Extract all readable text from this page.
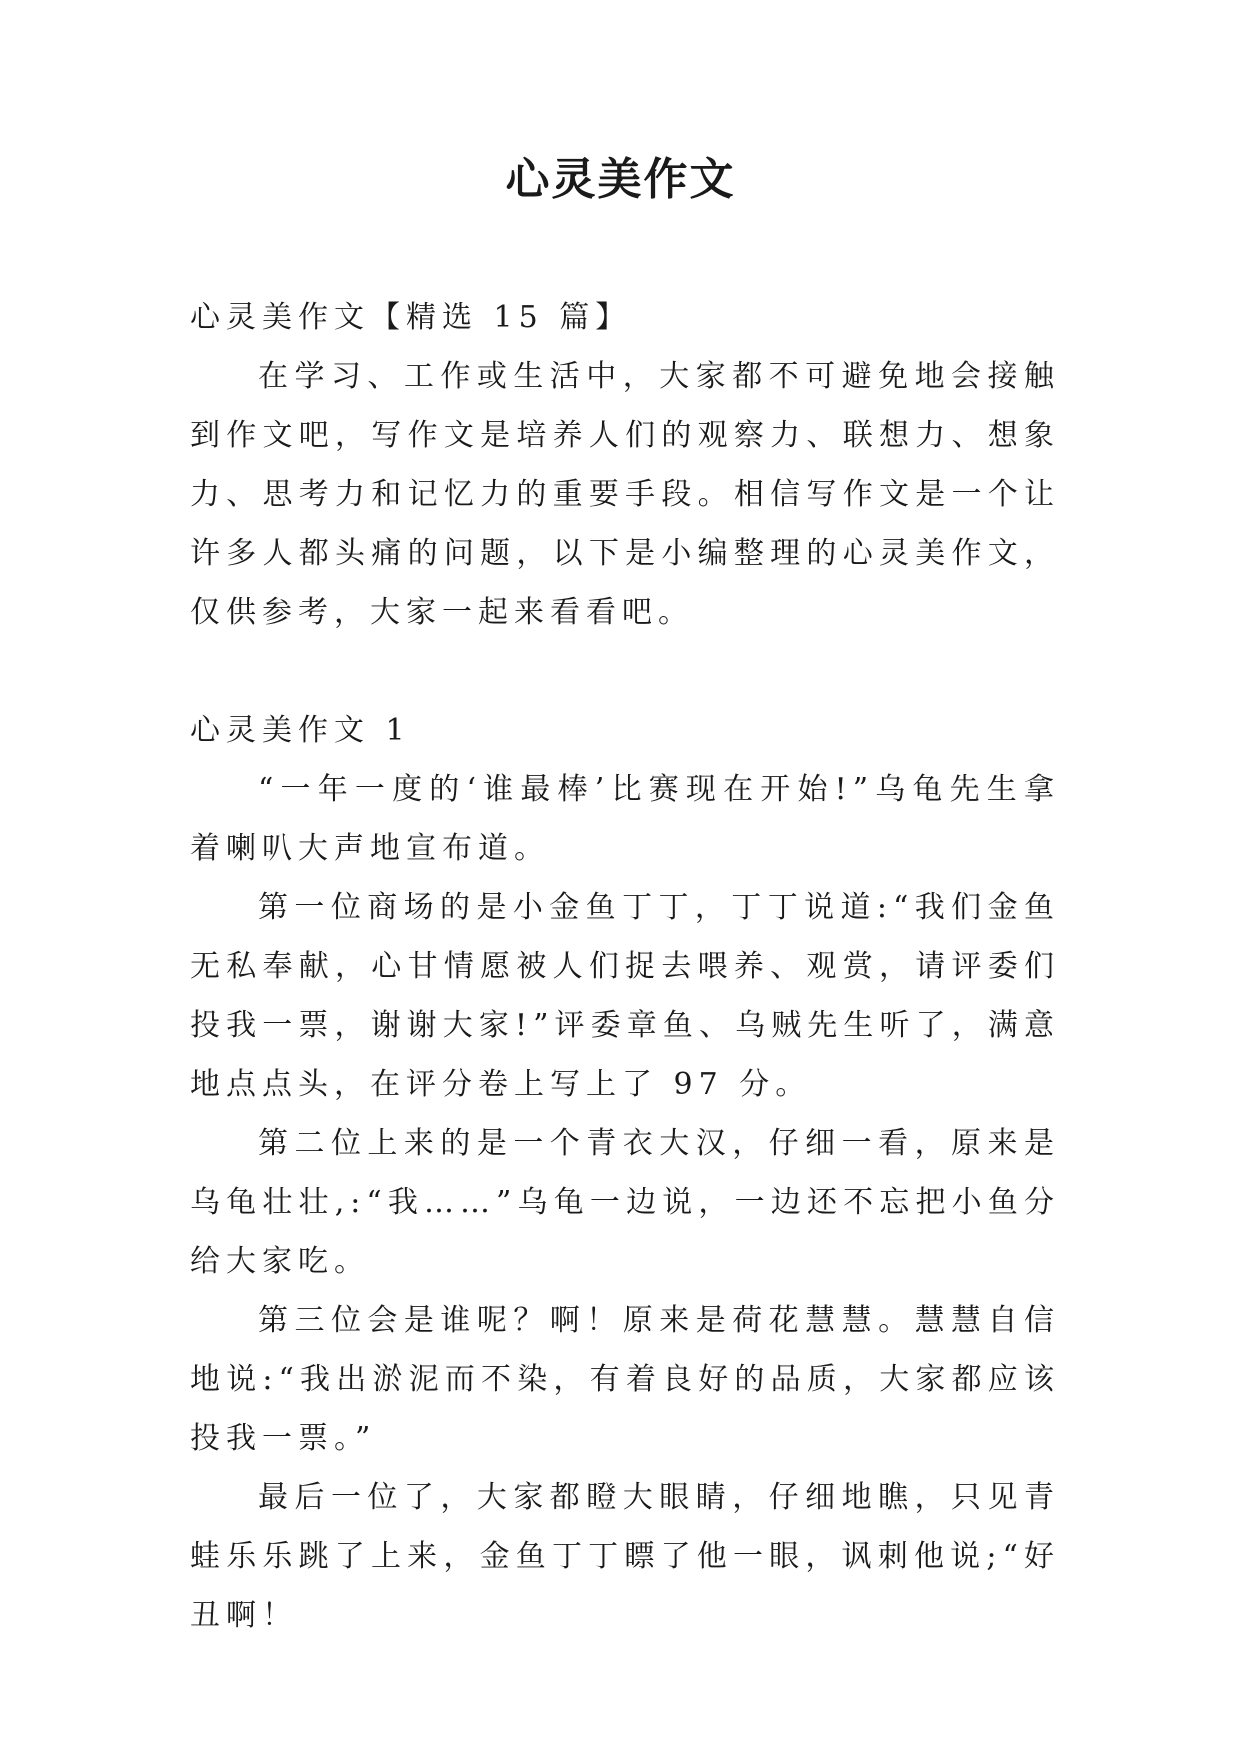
心灵美作文

心灵美作文【精选 15 篇】

在学习、工作或生活中，大家都不可避免地会接触到作文吧，写作文是培养人们的观察力、联想力、想象力、思考力和记忆力的重要手段。相信写作文是一个让许多人都头痛的问题，以下是小编整理的心灵美作文，仅供参考，大家一起来看看吧。

心灵美作文 1

“一年一度的‘谁最棒’比赛现在开始!”乌龟先生拿着喇叭大声地宣布道。

第一位商场的是小金鱼丁丁，丁丁说道:“我们金鱼无私奉献，心甘情愿被人们捉去喂养、观赏，请评委们投我一票，谢谢大家!”评委章鱼、乌贼先生听了，满意地点点头，在评分卷上写上了 97 分。

第二位上来的是一个青衣大汉，仔细一看，原来是乌龟壮壮,:“我……”乌龟一边说，一边还不忘把小鱼分给大家吃。

第三位会是谁呢？啊！原来是荷花慧慧。慧慧自信地说:“我出淤泥而不染，有着良好的品质，大家都应该投我一票。”

最后一位了，大家都瞪大眼睛，仔细地瞧，只见青蛙乐乐跳了上来，金鱼丁丁瞟了他一眼，讽刺他说;“好丑啊！
